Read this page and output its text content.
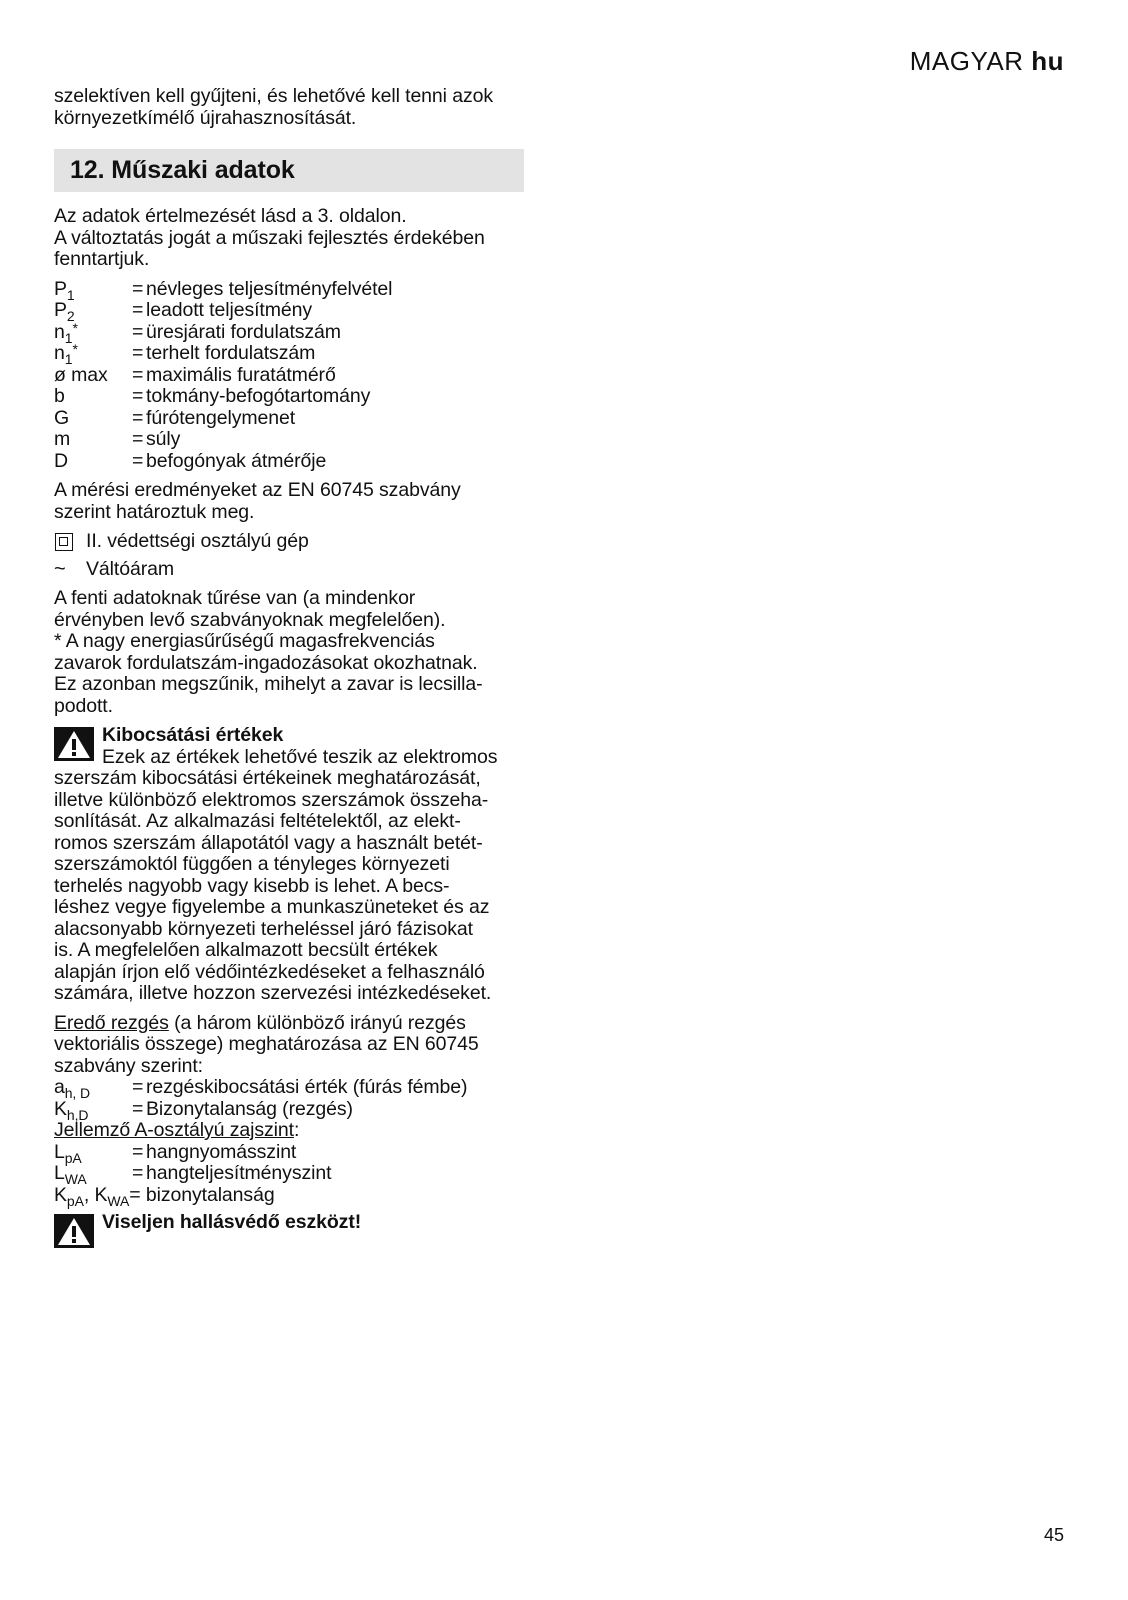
MAGYAR hu

szelektíven kell gyűjteni, és lehetővé kell tenni azok

környezetkímélő újrahasznosítását.

12. Műszaki adatok

Az adatok értelmezését lásd a 3. oldalon.

A változtatás jogát a műszaki fejlesztés érdekében

fenntartjuk.

$P_1$	= névleges teljesítményfelvétel
$P_2$	= leadott teljesítmény
$n_1^*$	= üresjárati fordulatszám
$n_1^*$	= terhelt fordulatszám
ø max	= maximális furatátmérő
b	= tokmány-befogótartomány
G	= fúrótengelymenet
m	= súly
D	= befogónyak átmérője

A mérési eredményeket az EN 60745 szabvány

szerint határoztuk meg.

II. védettségi osztályú gép
~ Váltóáram

A fenti adatoknak tűrése van (a mindenkor

érvényben levő szabványoknak megfelelően).

* A nagy energiasűrűségű magasfrekvenciás

zavarok fordulatszám-ingadozásokat okozhatnak.

Ez azonban megszűnik, mihelyt a zavar is lecsilla-

podott.

Kibocsátási értékek

Ezek az értékek lehetővé teszik az elektromos

szerszám kibocsátási értékeinek meghatározását,

illetve különböző elektromos szerszámok összeha-

sonlítását. Az alkalmazási feltételektől, az elekt-

romos szerszám állapotától vagy a használt betét-

szerszámoktól függően a tényleges környezeti

terhelés nagyobb vagy kisebb is lehet. A becs-

léshez vegye figyelembe a munkaszüneteket és az

alacsonyabb környezeti terheléssel járó fázisokat

is. A megfelelően alkalmazott becsült értékek

alapján írjon elő védőintézkedéseket a felhasználó

számára, illetve hozzon szervezési intézkedéseket.

Eredő rezgés (a három különböző irányú rezgés

vektoriális összege) meghatározása az EN 60745

szabvány szerint:

$a_{h, D}$	= rezgéskibocsátási érték (fúrás fémbe)
$K_{h,D}$	= Bizonytalanság (rezgés)

Jellemző A-osztályú zajszint:

$L_{pA}$	= hangnyomásszint
$L_{WA}$	= hangteljesítményszint
$K_{pA}$, $K_{WA}$ = bizonytalanság
Viseljen hallásvédő eszközt!
45
